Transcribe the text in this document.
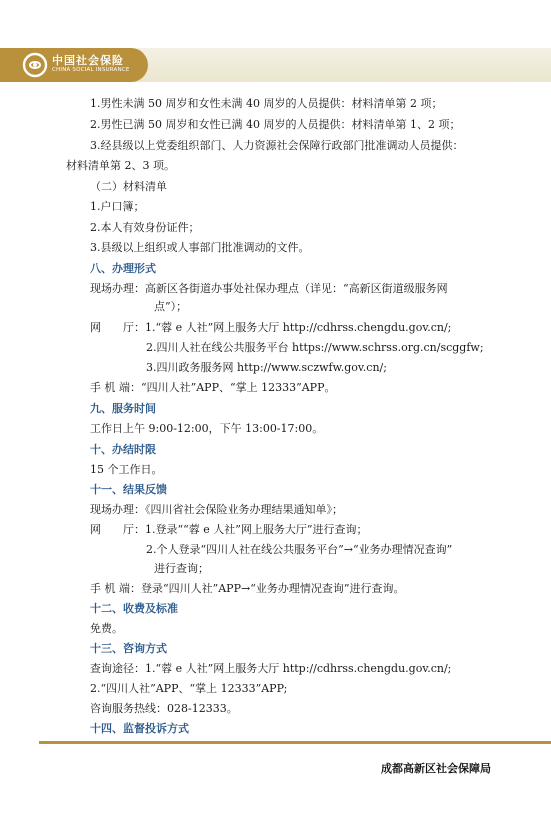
中国社会保险
CHINA SOCIAL INSURANCE
1.男性未满 50 周岁和女性未满 40 周岁的人员提供：材料清单第 2 项；
2.男性已满 50 周岁和女性已满 40 周岁的人员提供：材料清单第 1、2 项；
3.经县级以上党委组织部门、人力资源社会保障行政部门批准调动人员提供：
材料清单第 2、3 项。
（二）材料清单
1.户口簿；
2.本人有效身份证件；
3.县级以上组织或人事部门批准调动的文件。
八、办理形式
现场办理：高新区各街道办事处社保办理点（详见：“高新区街道级服务网
点”）；
网　　厅：1.“蓉 e 人社”网上服务大厅 http://cdhrss.chengdu.gov.cn/;
2.四川人社在线公共服务平台 https://www.schrss.org.cn/scggfw;
3.四川政务服务网 http://www.sczwfw.gov.cn/;
手 机 端：“四川人社”APP、“掌上 12333”APP。
九、服务时间
工作日上午 9:00-12:00，下午 13:00-17:00。
十、办结时限
15 个工作日。
十一、结果反馈
现场办理：《四川省社会保险业务办理结果通知单》；
网　　厅：1.登录““蓉 e 人社”网上服务大厅”进行查询；
2.个人登录“四川人社在线公共服务平台”→“业务办理情况查询”
进行查询；
手 机 端：登录“四川人社”APP→“业务办理情况查询”进行查询。
十二、收费及标准
免费。
十三、咨询方式
查询途径：1.“蓉 e 人社”网上服务大厅 http://cdhrss.chengdu.gov.cn/;
2.“四川人社”APP、“掌上 12333”APP;
咨询服务热线：028-12333。
十四、监督投诉方式
成都高新区社会保障局
